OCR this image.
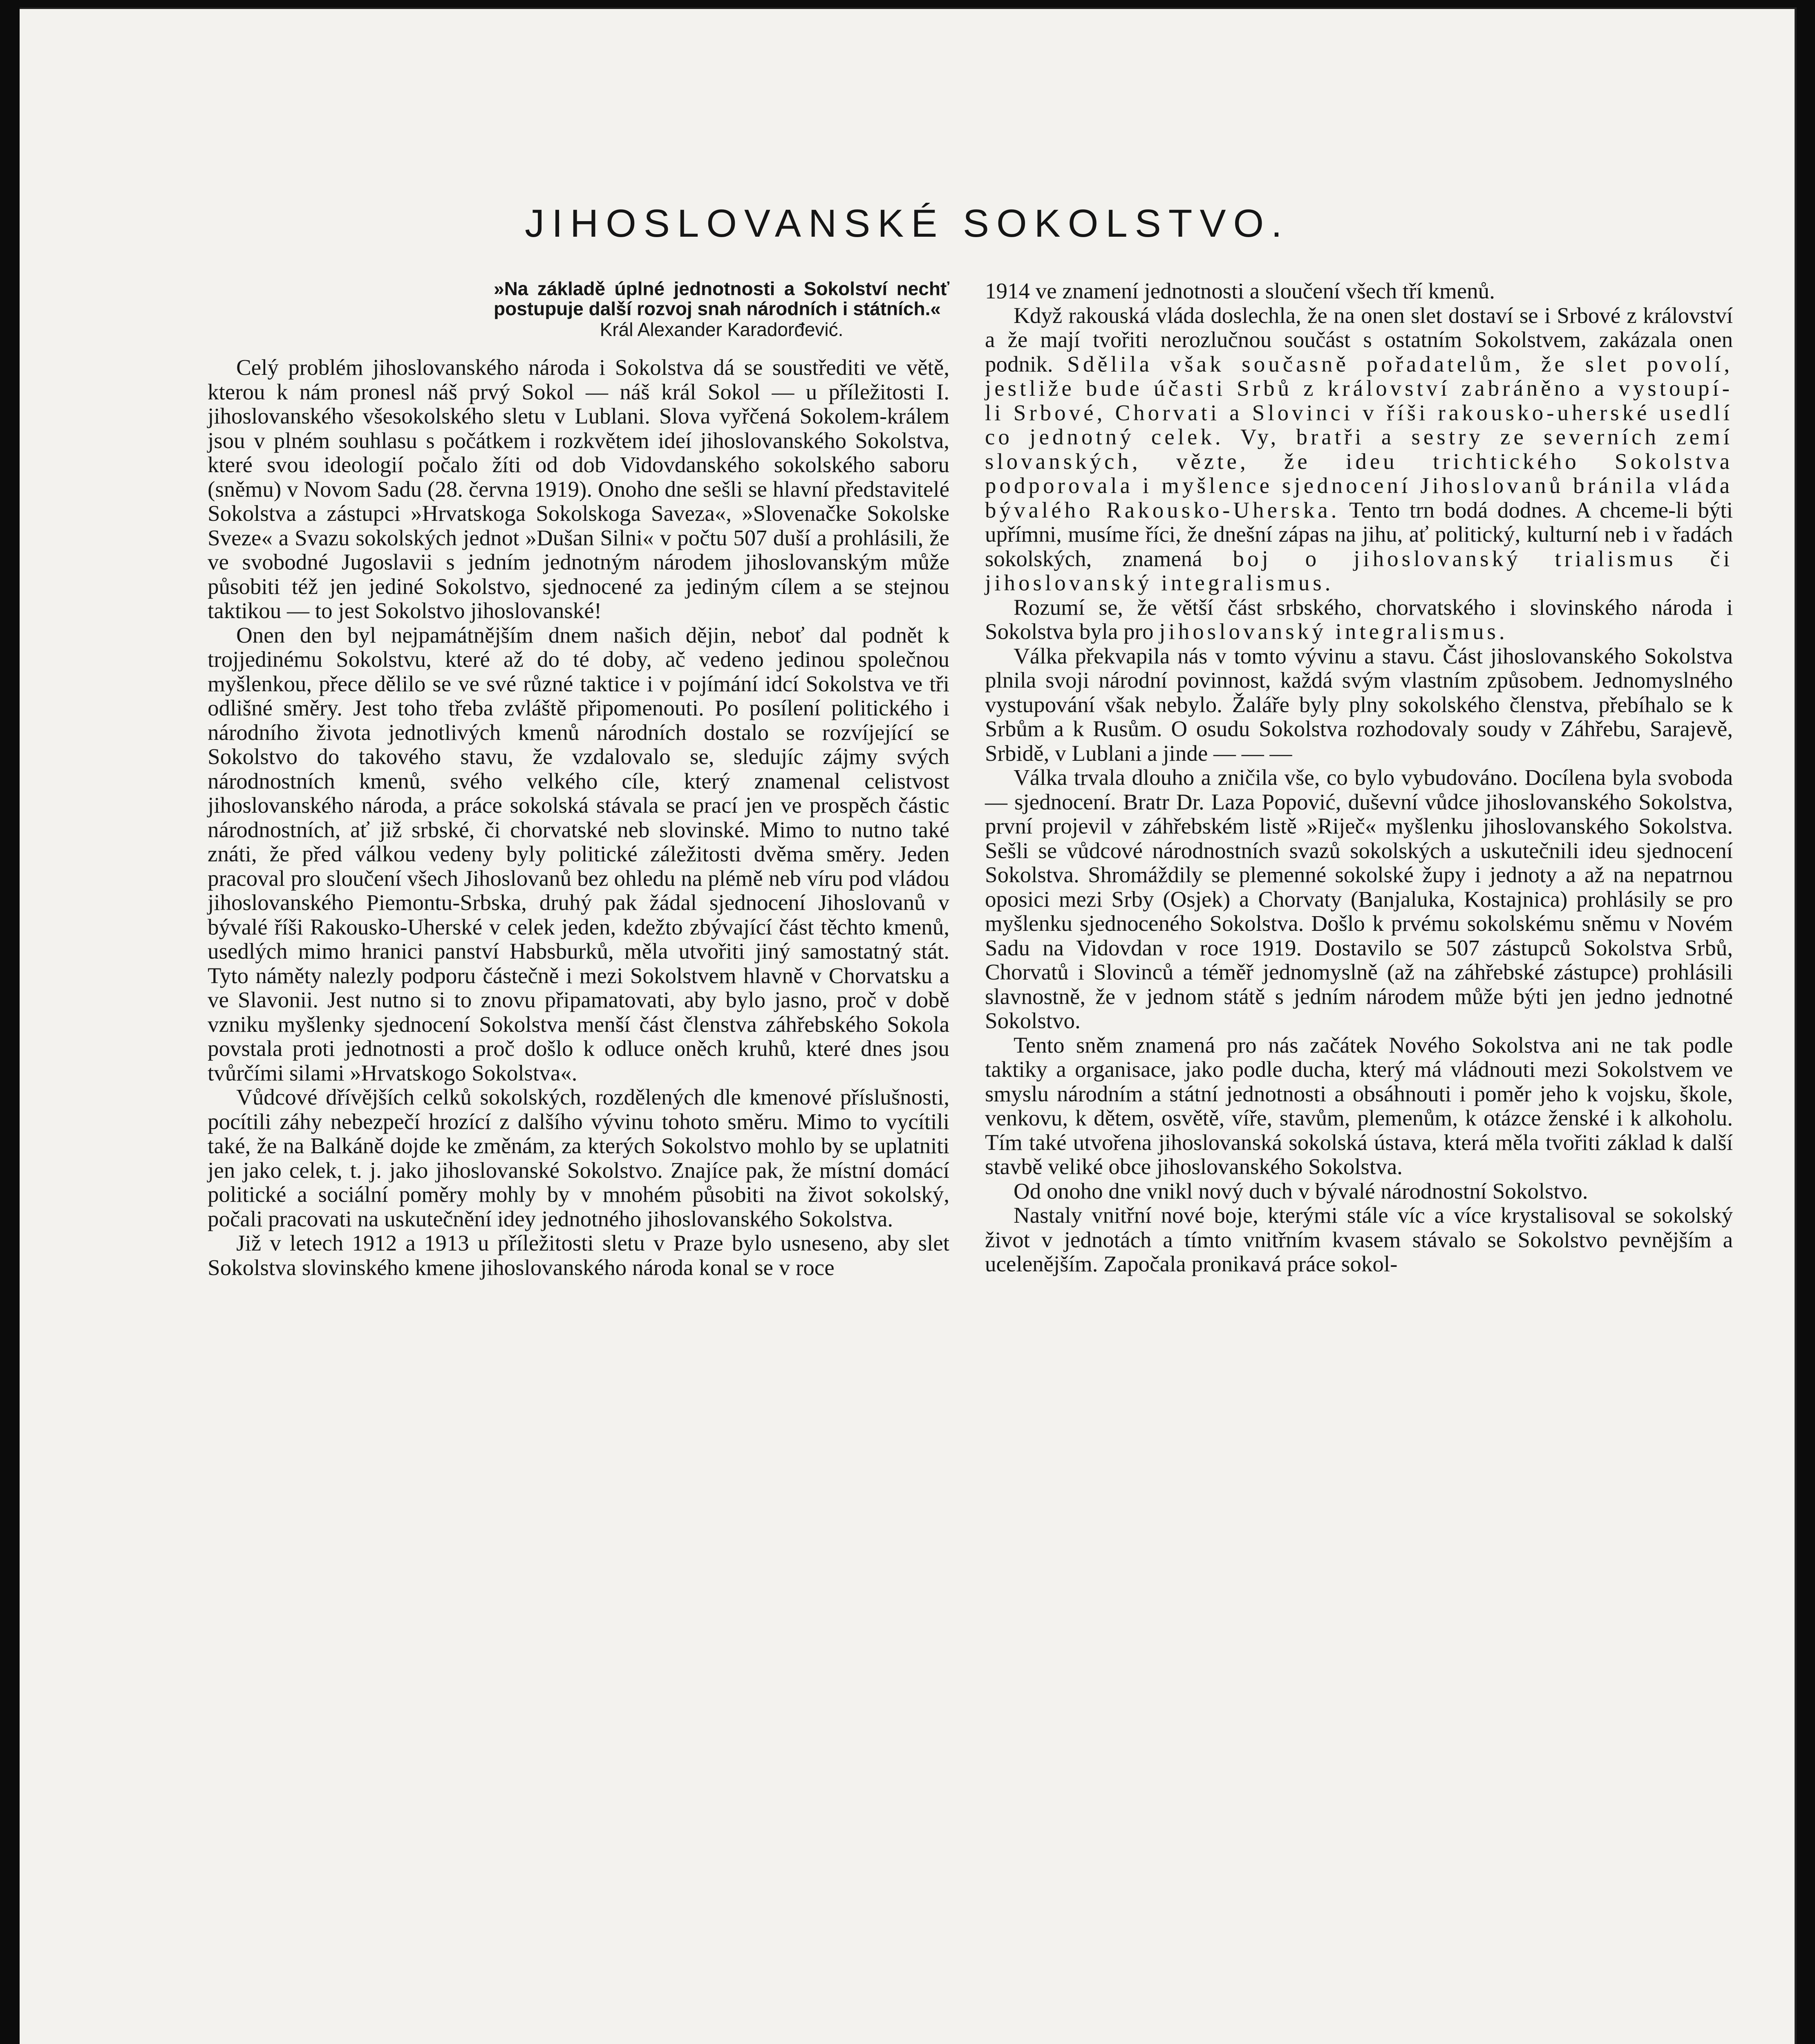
JIHOSLOVANSKÉ SOKOLSTVO.
»Na základě úplné jednotnosti a Sokolství nechť postupuje další rozvoj snah národních i státních.«
Král Alexander Karadorđević.

Celý problém jihoslovanského národa i Sokolstva dá se soustřediti ve větě, kterou k nám pronesl náš prvý Sokol — náš král Sokol — u příležitosti I. jihoslovanského všesokolského sletu v Lublani. Slova vyřčená Sokolem-králem jsou v plném souhlasu s počátkem i rozkvětem ideí jihoslovanského Sokolstva, které svou ideologií počalo žíti od dob Vidovdanského sokolského saboru (sněmu) v Novom Sadu (28. června 1919). Onoho dne sešli se hlavní představitelé Sokolstva a zástupci »Hrvatskoga Sokolskoga Saveza«, »Slovenačke Sokolske Sveze« a Svazu sokolských jednot »Dušan Silni« v počtu 507 duší a prohlásili, že ve svobodné Jugoslavii s jedním jednotným národem jihoslovanským může působiti též jen jediné Sokolstvo, sjednocené za jediným cílem a se stejnou taktikou — to jest Sokolstvo jihoslovanské!

Onen den byl nejpamátnějším dnem našich dějin, neboť dal podnět k trojjedinému Sokolstvu, které až do té doby, ač vedeno jedinou společnou myšlenkou, přece dělilo se ve své různé taktice i v pojímání idcí Sokolstva ve tři odlišné směry. Jest toho třeba zvláště připomenouti. Po posílení politického i národního života jednotlivých kmenů národních dostalo se rozvíjející se Sokolstvo do takového stavu, že vzdalovalo se, sledujíc zájmy svých národnostních kmenů, svého velkého cíle, který znamenal celistvost jihoslovanského národa, a práce sokolská stávala se prací jen ve prospěch částic národnostních, ať již srbské, či chorvatské neb slovinské. Mimo to nutno také znáti, že před válkou vedeny byly politické záležitosti dvěma směry. Jeden pracoval pro sloučení všech Jihoslovanů bez ohledu na plémě neb víru pod vládou jihoslovanského Piemontu-Srbska, druhý pak žádal sjednocení Jihoslovanů v bývalé říši Rakousko-Uherské v celek jeden, kdežto zbývající část těchto kmenů, usedlých mimo hranici panství Habsburků, měla utvořiti jiný samostatný stát. Tyto náměty nalezly podporu částečně i mezi Sokolstvem hlavně v Chorvatsku a ve Slavonii. Jest nutno si to znovu připamatovati, aby bylo jasno, proč v době vzniku myšlenky sjednocení Sokolstva menší část členstva záhřebského Sokola povstala proti jednotnosti a proč došlo k odluce oněch kruhů, které dnes jsou tvůrčími silami »Hrvatskogo Sokolstva«.

Vůdcové dřívějších celků sokolských, rozdělených dle kmenové příslušnosti, pocítili záhy nebezpečí hrozící z dalšího vývinu tohoto směru. Mimo to vycítili také, že na Balkáně dojde ke změnám, za kterých Sokolstvo mohlo by se uplatniti jen jako celek, t. j. jako jihoslovanské Sokolstvo. Znajíce pak, že místní domácí politické a sociální poměry mohly by v mnohém působiti na život sokolský, počali pracovati na uskutečnění idey jednotného jihoslovanského Sokolstva.

Již v letech 1912 a 1913 u příležitosti sletu v Praze bylo usneseno, aby slet Sokolstva slovinského kmene jihoslovanského národa konal se v roce

1914 ve znamení jednotnosti a sloučení všech tří kmenů.

Když rakouská vláda doslechla, že na onen slet dostaví se i Srbové z království a že mají tvořiti nerozlučnou součást s ostatním Sokolstvem, zakázala onen podnik. Sdělila však současně pořadatelům, že slet povolí, jestliže bude účasti Srbů z království zabráněno a vystoupí-li Srbové, Chorvati a Slovinci v říši rakousko-uherské usedlí co jednotný celek. Vy, bratři a sestry ze severních zemí slovanských, vězte, že ideu trichtického Sokolstva podporovala i myšlence sjednocení Jihoslovanů bránila vláda bývalého Rakousko-Uherska. Tento trn bodá dodnes. A chceme-li býti upřímni, musíme říci, že dnešní zápas na jihu, ať politický, kulturní neb i v řadách sokolských, znamená boj o jihoslovanský trialismus či jihoslovanský integralismus.

Rozumí se, že větší část srbského, chorvatského i slovinského národa i Sokolstva byla pro jihoslovanský integralismus.

Válka překvapila nás v tomto vývinu a stavu. Část jihoslovanského Sokolstva plnila svoji národní povinnost, každá svým vlastním způsobem. Jednomyslného vystupování však nebylo. Žaláře byly plny sokolského členstva, přebíhalo se k Srbům a k Rusům. O osudu Sokolstva rozhodovaly soudy v Záhřebu, Sarajevě, Srbidě, v Lublani a jinde — — —

Válka trvala dlouho a zničila vše, co bylo vybudováno. Docílena byla svoboda — sjednocení. Bratr Dr. Laza Popović, duševní vůdce jihoslovanského Sokolstva, první projevil v záhřebském listě »Riječ« myšlenku jihoslovanského Sokolstva. Sešli se vůdcové národnostních svazů sokolských a uskutečnili ideu sjednocení Sokolstva. Shromáždily se plemenné sokolské župy i jednoty a až na nepatrnou oposici mezi Srby (Osjek) a Chorvaty (Banjaluka, Kostajnica) prohlásily se pro myšlenku sjednoceného Sokolstva. Došlo k prvému sokolskému sněmu v Novém Sadu na Vidovdan v roce 1919. Dostavilo se 507 zástupců Sokolstva Srbů, Chorvatů i Slovinců a téměř jednomyslně (až na záhřebské zástupce) prohlásili slavnostně, že v jednom státě s jedním národem může býti jen jedno jednotné Sokolstvo.

Tento sněm znamená pro nás začátek Nového Sokolstva ani ne tak podle taktiky a organisace, jako podle ducha, který má vládnouti mezi Sokolstvem ve smyslu národním a státní jednotnosti a obsáhnouti i poměr jeho k vojsku, škole, venkovu, k dětem, osvětě, víře, stavům, plemenům, k otázce ženské i k alkoholu. Tím také utvořena jihoslovanská sokolská ústava, která měla tvořiti základ k další stavbě veliké obce jihoslovanského Sokolstva.

Od onoho dne vnikl nový duch v bývalé národnostní Sokolstvo.

Nastaly vnitřní nové boje, kterými stále víc a více krystalisoval se sokolský život v jednotách a tímto vnitřním kvasem stávalo se Sokolstvo pevnějším a ucelenějším. Započala pronikavá práce sokol-
